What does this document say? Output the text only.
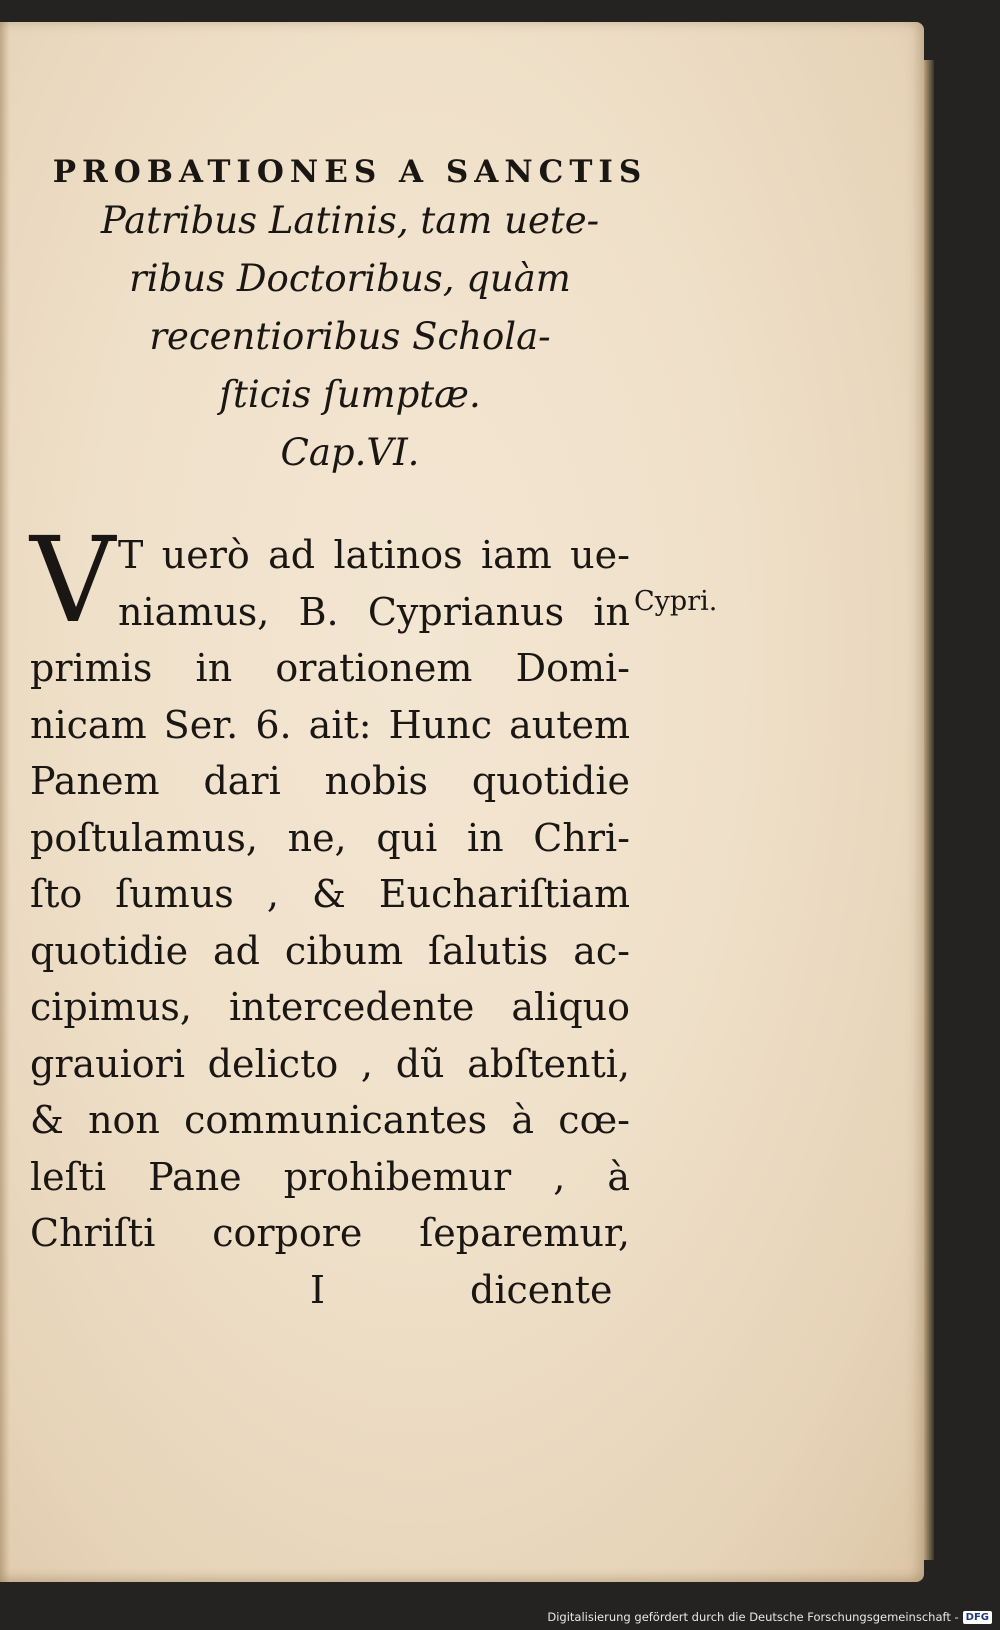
PROBATIONES A SANCTIS
Patribus Latinis, tam uete-
ribus Doctoribus, quàm
recentioribus Schola-
ſticis ſumptæ.
Cap.VI.
V T uerò ad latinos iam ue-
niamus, B. Cyprianus in
primis in orationem Domi-
nicam Ser. 6. ait: Hunc autem
Panem dari nobis quotidie
poſtulamus, ne, qui in Chri-
ſto ſumus , & Euchariſtiam
quotidie ad cibum ſalutis ac-
cipimus, intercedente aliquo
grauiori delicto , dũ abſtenti,
& non communicantes à cœ-
leſti Pane prohibemur , à
Chriſti corpore ſeparemur,
I	dicente
Cypri.
Digitalisierung gefördert durch die Deutsche Forschungsgemeinschaft - DFG
